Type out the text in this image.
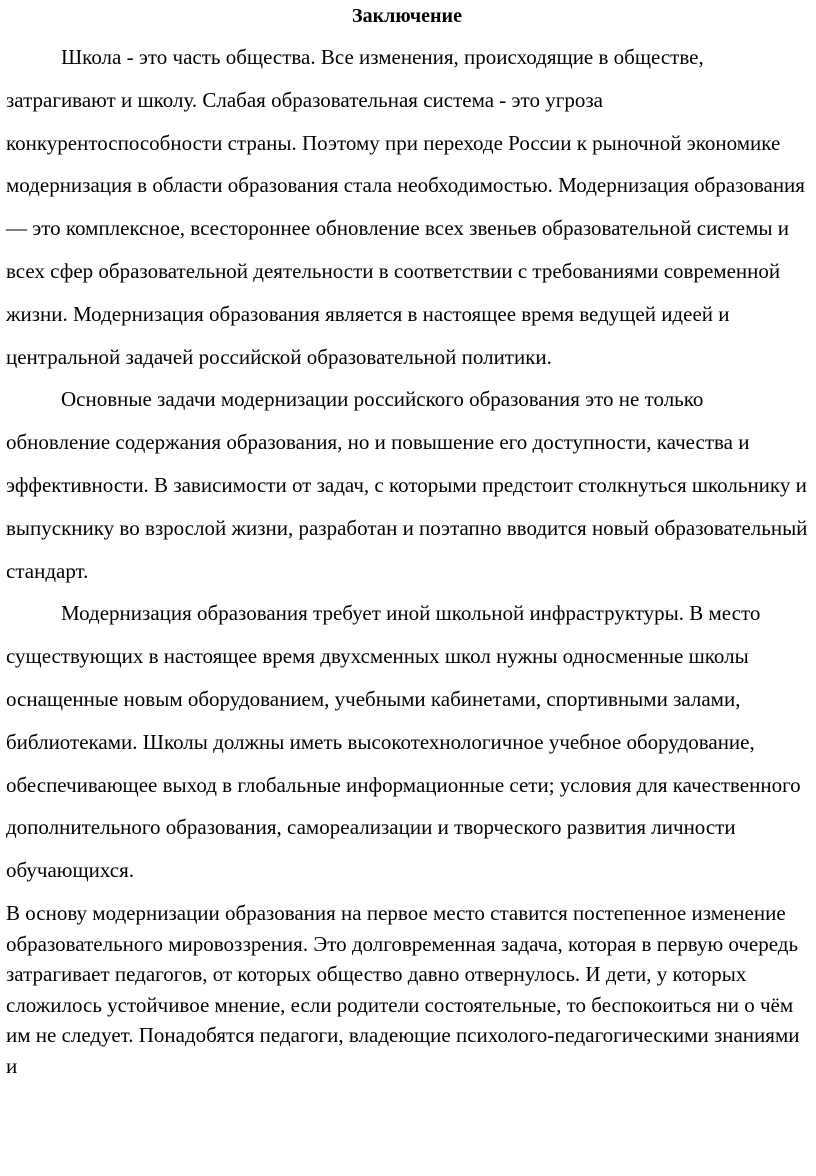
Заключение

Школа - это часть общества. Все изменения, происходящие в обществе, затрагивают и школу. Слабая образовательная система - это угроза конкурентоспособности страны. Поэтому при переходе России к рыночной экономике модернизация в области образования стала необходимостью. Модернизация образования — это комплексное, всестороннее обновление всех звеньев образовательной системы и всех сфер образовательной деятельности в соответствии с требованиями современной жизни. Модернизация образования является в настоящее время ведущей идеей и центральной задачей российской образовательной политики.

Основные задачи модернизации российского образования это не только обновление содержания образования, но и повышение его доступности, качества и эффективности. В зависимости от задач, с которыми предстоит столкнуться школьнику и выпускнику во взрослой жизни, разработан и поэтапно вводится новый образовательный стандарт.

Модернизация образования требует иной школьной инфраструктуры. В место существующих в настоящее время двухсменных школ нужны односменные школы оснащенные новым оборудованием, учебными кабинетами, спортивными залами, библиотеками. Школы должны иметь высокотехнологичное учебное оборудование, обеспечивающее выход в глобальные информационные сети; условия для качественного дополнительного образования, самореализации и творческого развития личности обучающихся.

В основу модернизации образования на первое место ставится постепенное изменение образовательного мировоззрения. Это долговременная задача, которая в первую очередь затрагивает педагогов, от которых общество давно отвернулось. И дети, у которых сложилось устойчивое мнение, если родители состоятельные, то беспокоиться ни о чём им не следует. Понадобятся педагоги, владеющие психолого-педагогическими знаниями и
